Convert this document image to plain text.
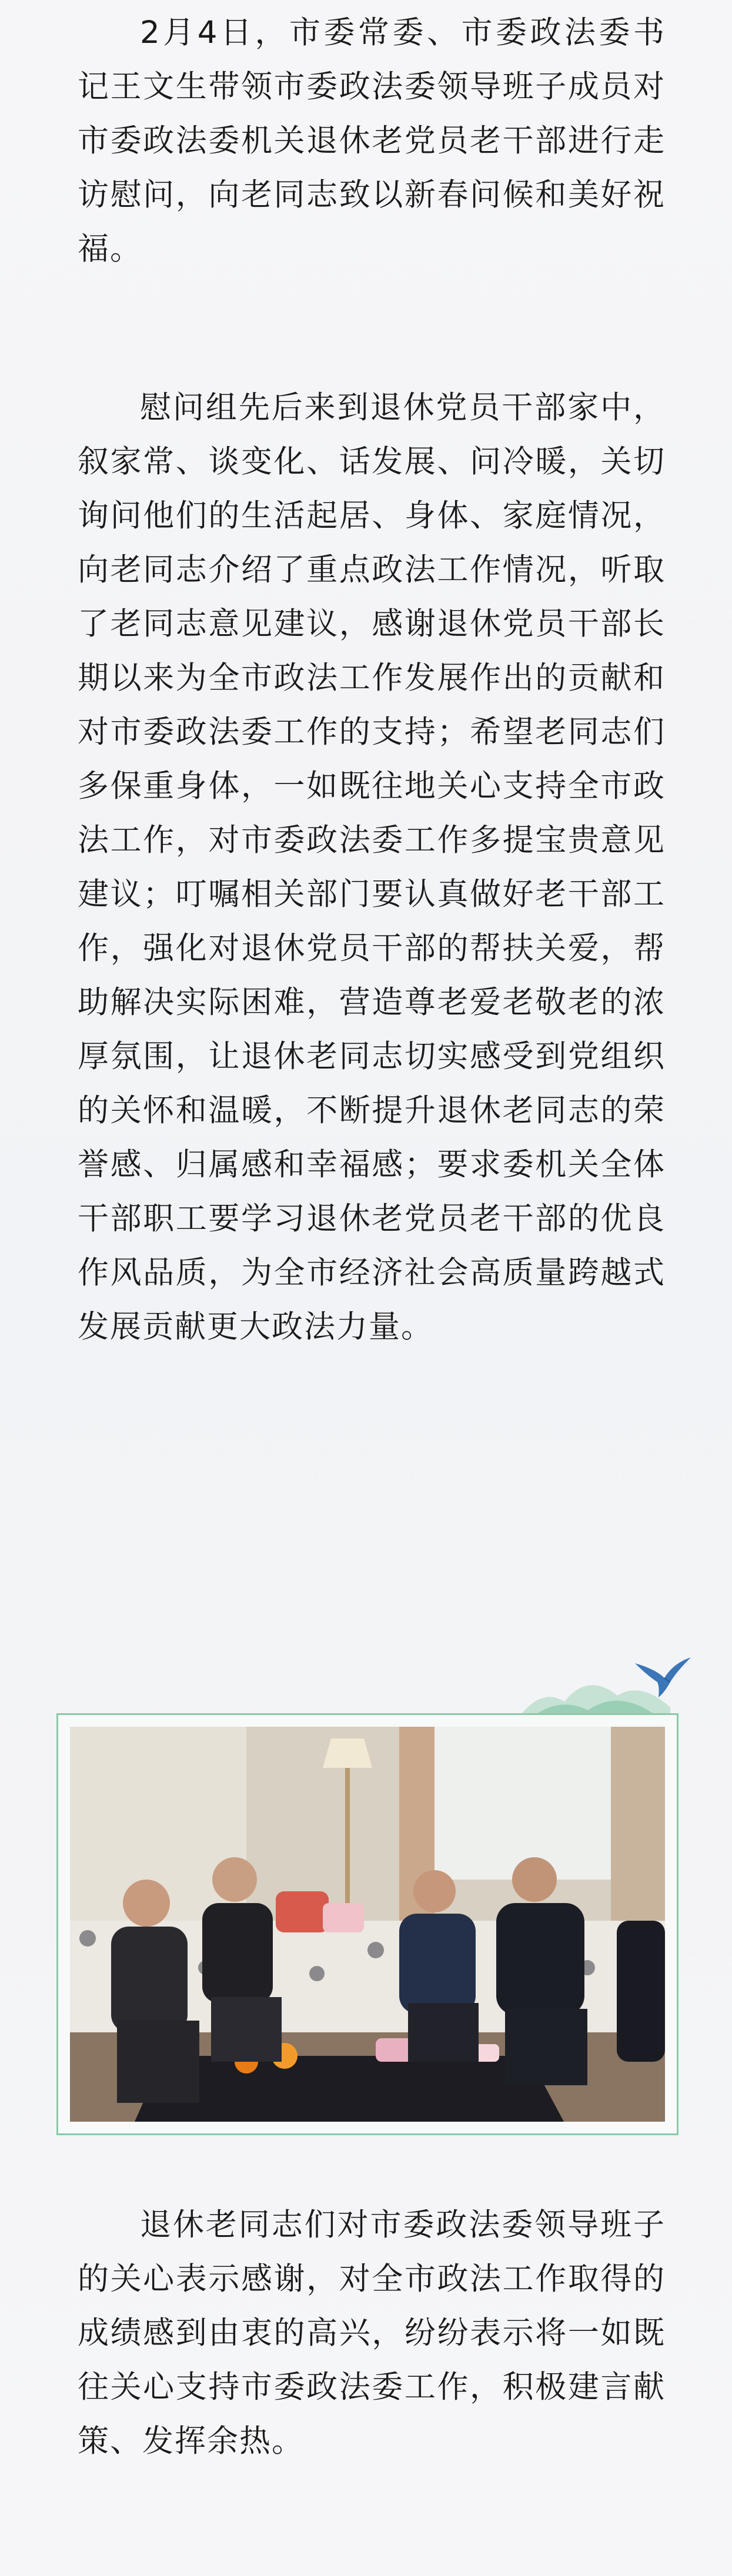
2月4日，市委常委、市委政法委书记王文生带领市委政法委领导班子成员对市委政法委机关退休老党员老干部进行走访慰问，向老同志致以新春问候和美好祝福。

慰问组先后来到退休党员干部家中，叙家常、谈变化、话发展、问冷暖，关切询问他们的生活起居、身体、家庭情况，向老同志介绍了重点政法工作情况，听取了老同志意见建议，感谢退休党员干部长期以来为全市政法工作发展作出的贡献和对市委政法委工作的支持；希望老同志们多保重身体，一如既往地关心支持全市政法工作，对市委政法委工作多提宝贵意见建议；叮嘱相关部门要认真做好老干部工作，强化对退休党员干部的帮扶关爱，帮助解决实际困难，营造尊老爱老敬老的浓厚氛围，让退休老同志切实感受到党组织的关怀和温暖，不断提升退休老同志的荣誉感、归属感和幸福感；要求委机关全体干部职工要学习退休老党员老干部的优良作风品质，为全市经济社会高质量跨越式发展贡献更大政法力量。

退休老同志们对市委政法委领导班子的关心表示感谢，对全市政法工作取得的成绩感到由衷的高兴，纷纷表示将一如既往关心支持市委政法委工作，积极建言献策、发挥余热。
